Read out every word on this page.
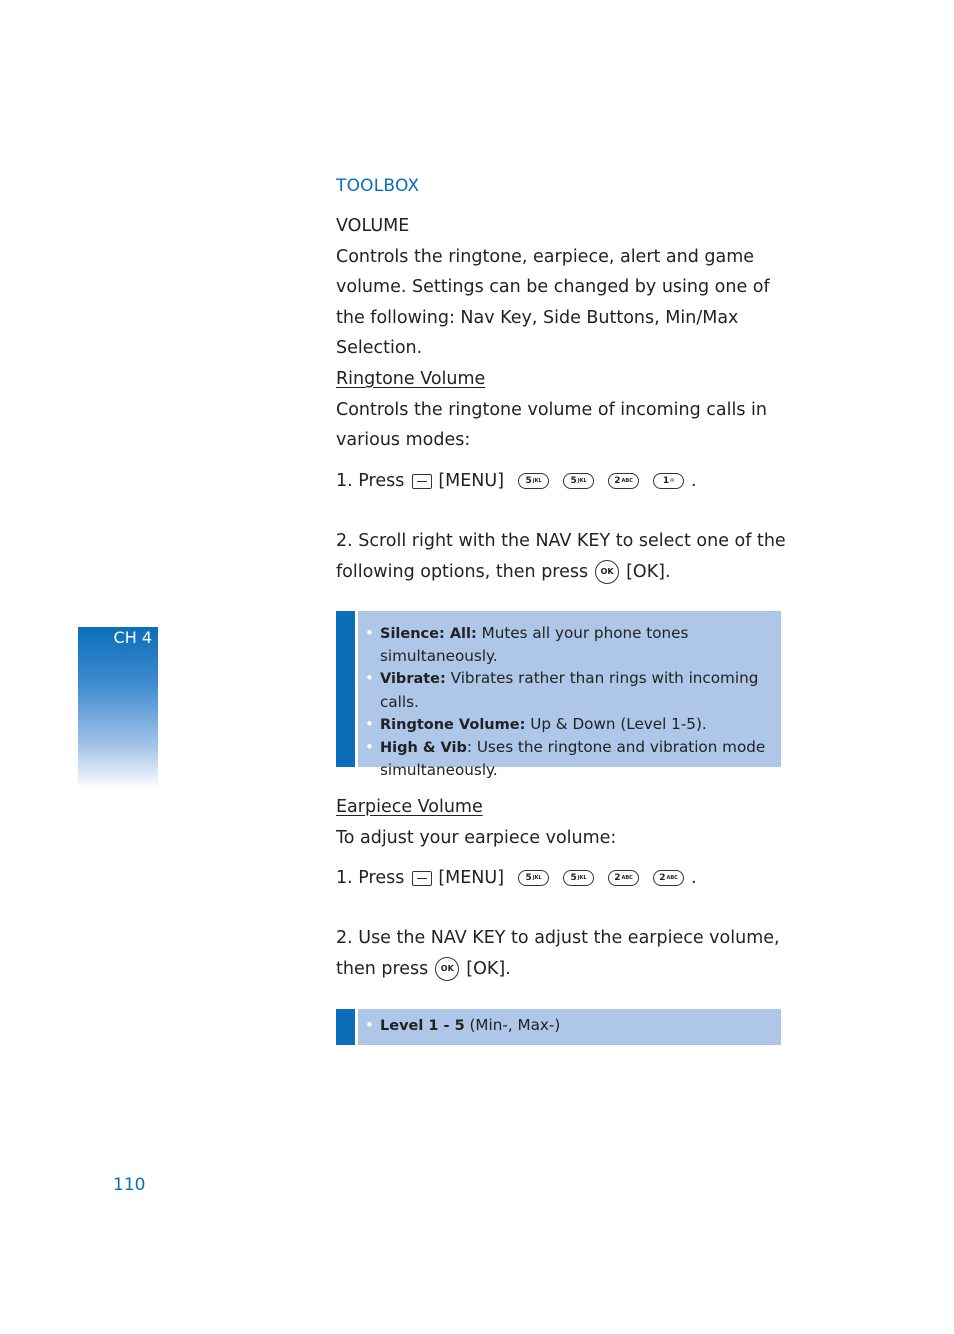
TOOLBOX

VOLUME

Controls the ringtone, earpiece, alert and game volume. Settings can be changed by using one of the following: Nav Key, Side Buttons, Min/Max Selection.

Ringtone Volume

Controls the ringtone volume of incoming calls in various modes:

1. Press [MENU] 5 JKL	5 JKL	2 ABC	1 ✉ .

2. Scroll right with the NAV KEY to select one of the

following options, then press	OK [OK].

• Silence: All: Mutes all your phone tones simultaneously.
• Vibrate: Vibrates rather than rings with incoming calls.
• Ringtone Volume: Up & Down (Level 1-5).
• High & Vib: Uses the ringtone and vibration mode simultaneously.

Earpiece Volume

To adjust your earpiece volume:

1. Press [MENU] 5 JKL	5 JKL	2 ABC	2 ABC .

2. Use the NAV KEY to adjust the earpiece volume,

then press	OK [OK].

• Level 1 - 5 (Min-, Max-)
CH 4
110
